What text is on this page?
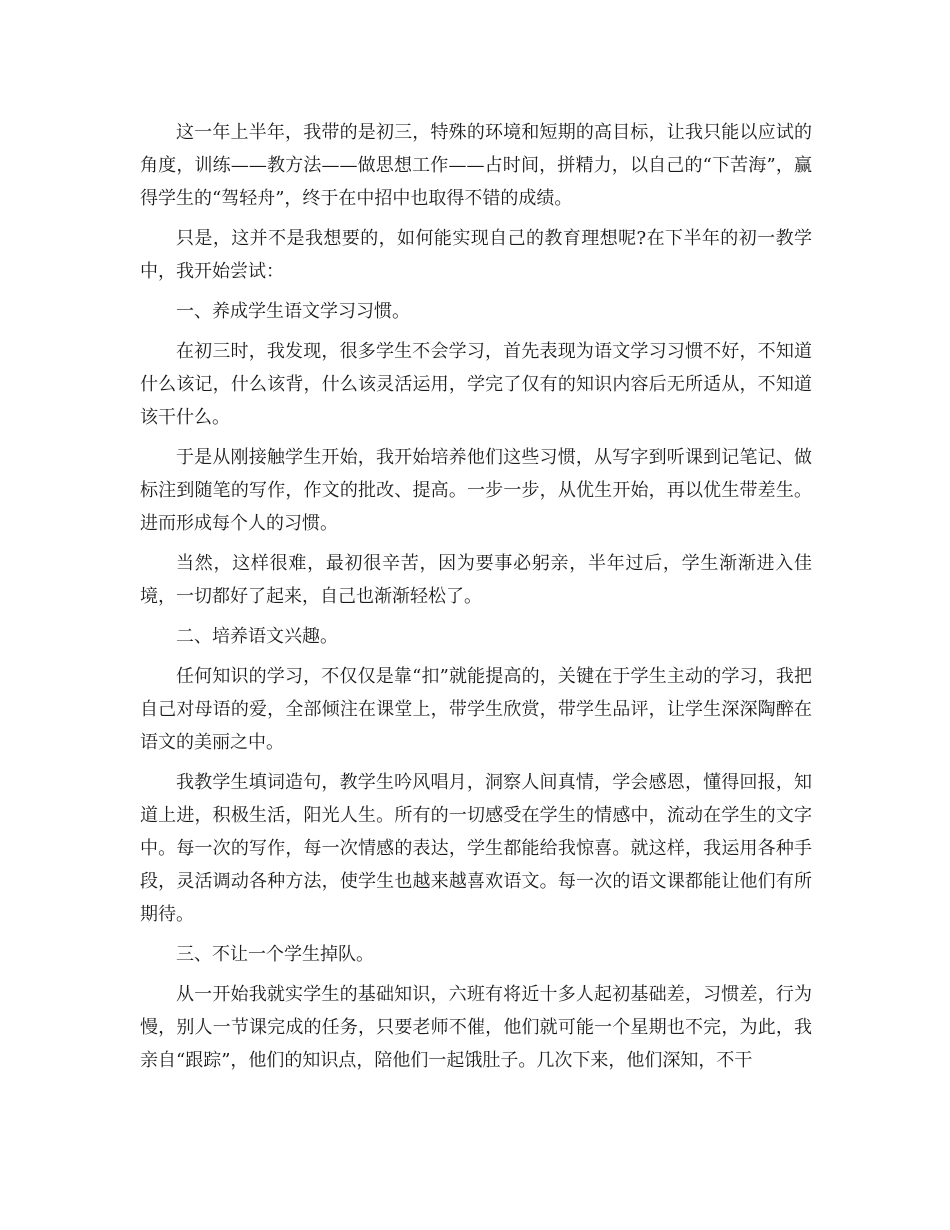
这一年上半年，我带的是初三，特殊的环境和短期的高目标，让我只能以应试的角度，训练——教方法——做思想工作——占时间，拼精力，以自己的“下苦海”，赢得学生的“驾轻舟”，终于在中招中也取得不错的成绩。

只是，这并不是我想要的，如何能实现自己的教育理想呢?在下半年的初一教学中，我开始尝试：

一、养成学生语文学习习惯。

在初三时，我发现，很多学生不会学习，首先表现为语文学习习惯不好，不知道什么该记，什么该背，什么该灵活运用，学完了仅有的知识内容后无所适从，不知道该干什么。

于是从刚接触学生开始，我开始培养他们这些习惯，从写字到听课到记笔记、做标注到随笔的写作，作文的批改、提高。一步一步，从优生开始，再以优生带差生。进而形成每个人的习惯。

当然，这样很难，最初很辛苦，因为要事必躬亲，半年过后，学生渐渐进入佳境，一切都好了起来，自己也渐渐轻松了。

二、培养语文兴趣。

任何知识的学习，不仅仅是靠“扣”就能提高的，关键在于学生主动的学习，我把自己对母语的爱，全部倾注在课堂上，带学生欣赏，带学生品评，让学生深深陶醉在语文的美丽之中。

我教学生填词造句，教学生吟风唱月，洞察人间真情，学会感恩，懂得回报，知道上进，积极生活，阳光人生。所有的一切感受在学生的情感中，流动在学生的文字中。每一次的写作，每一次情感的表达，学生都能给我惊喜。就这样，我运用各种手段，灵活调动各种方法，使学生也越来越喜欢语文。每一次的语文课都能让他们有所期待。

三、不让一个学生掉队。

从一开始我就实学生的基础知识，六班有将近十多人起初基础差，习惯差，行为慢，别人一节课完成的任务，只要老师不催，他们就可能一个星期也不完，为此，我亲自“跟踪”，他们的知识点，陪他们一起饿肚子。几次下来，他们深知，不干
